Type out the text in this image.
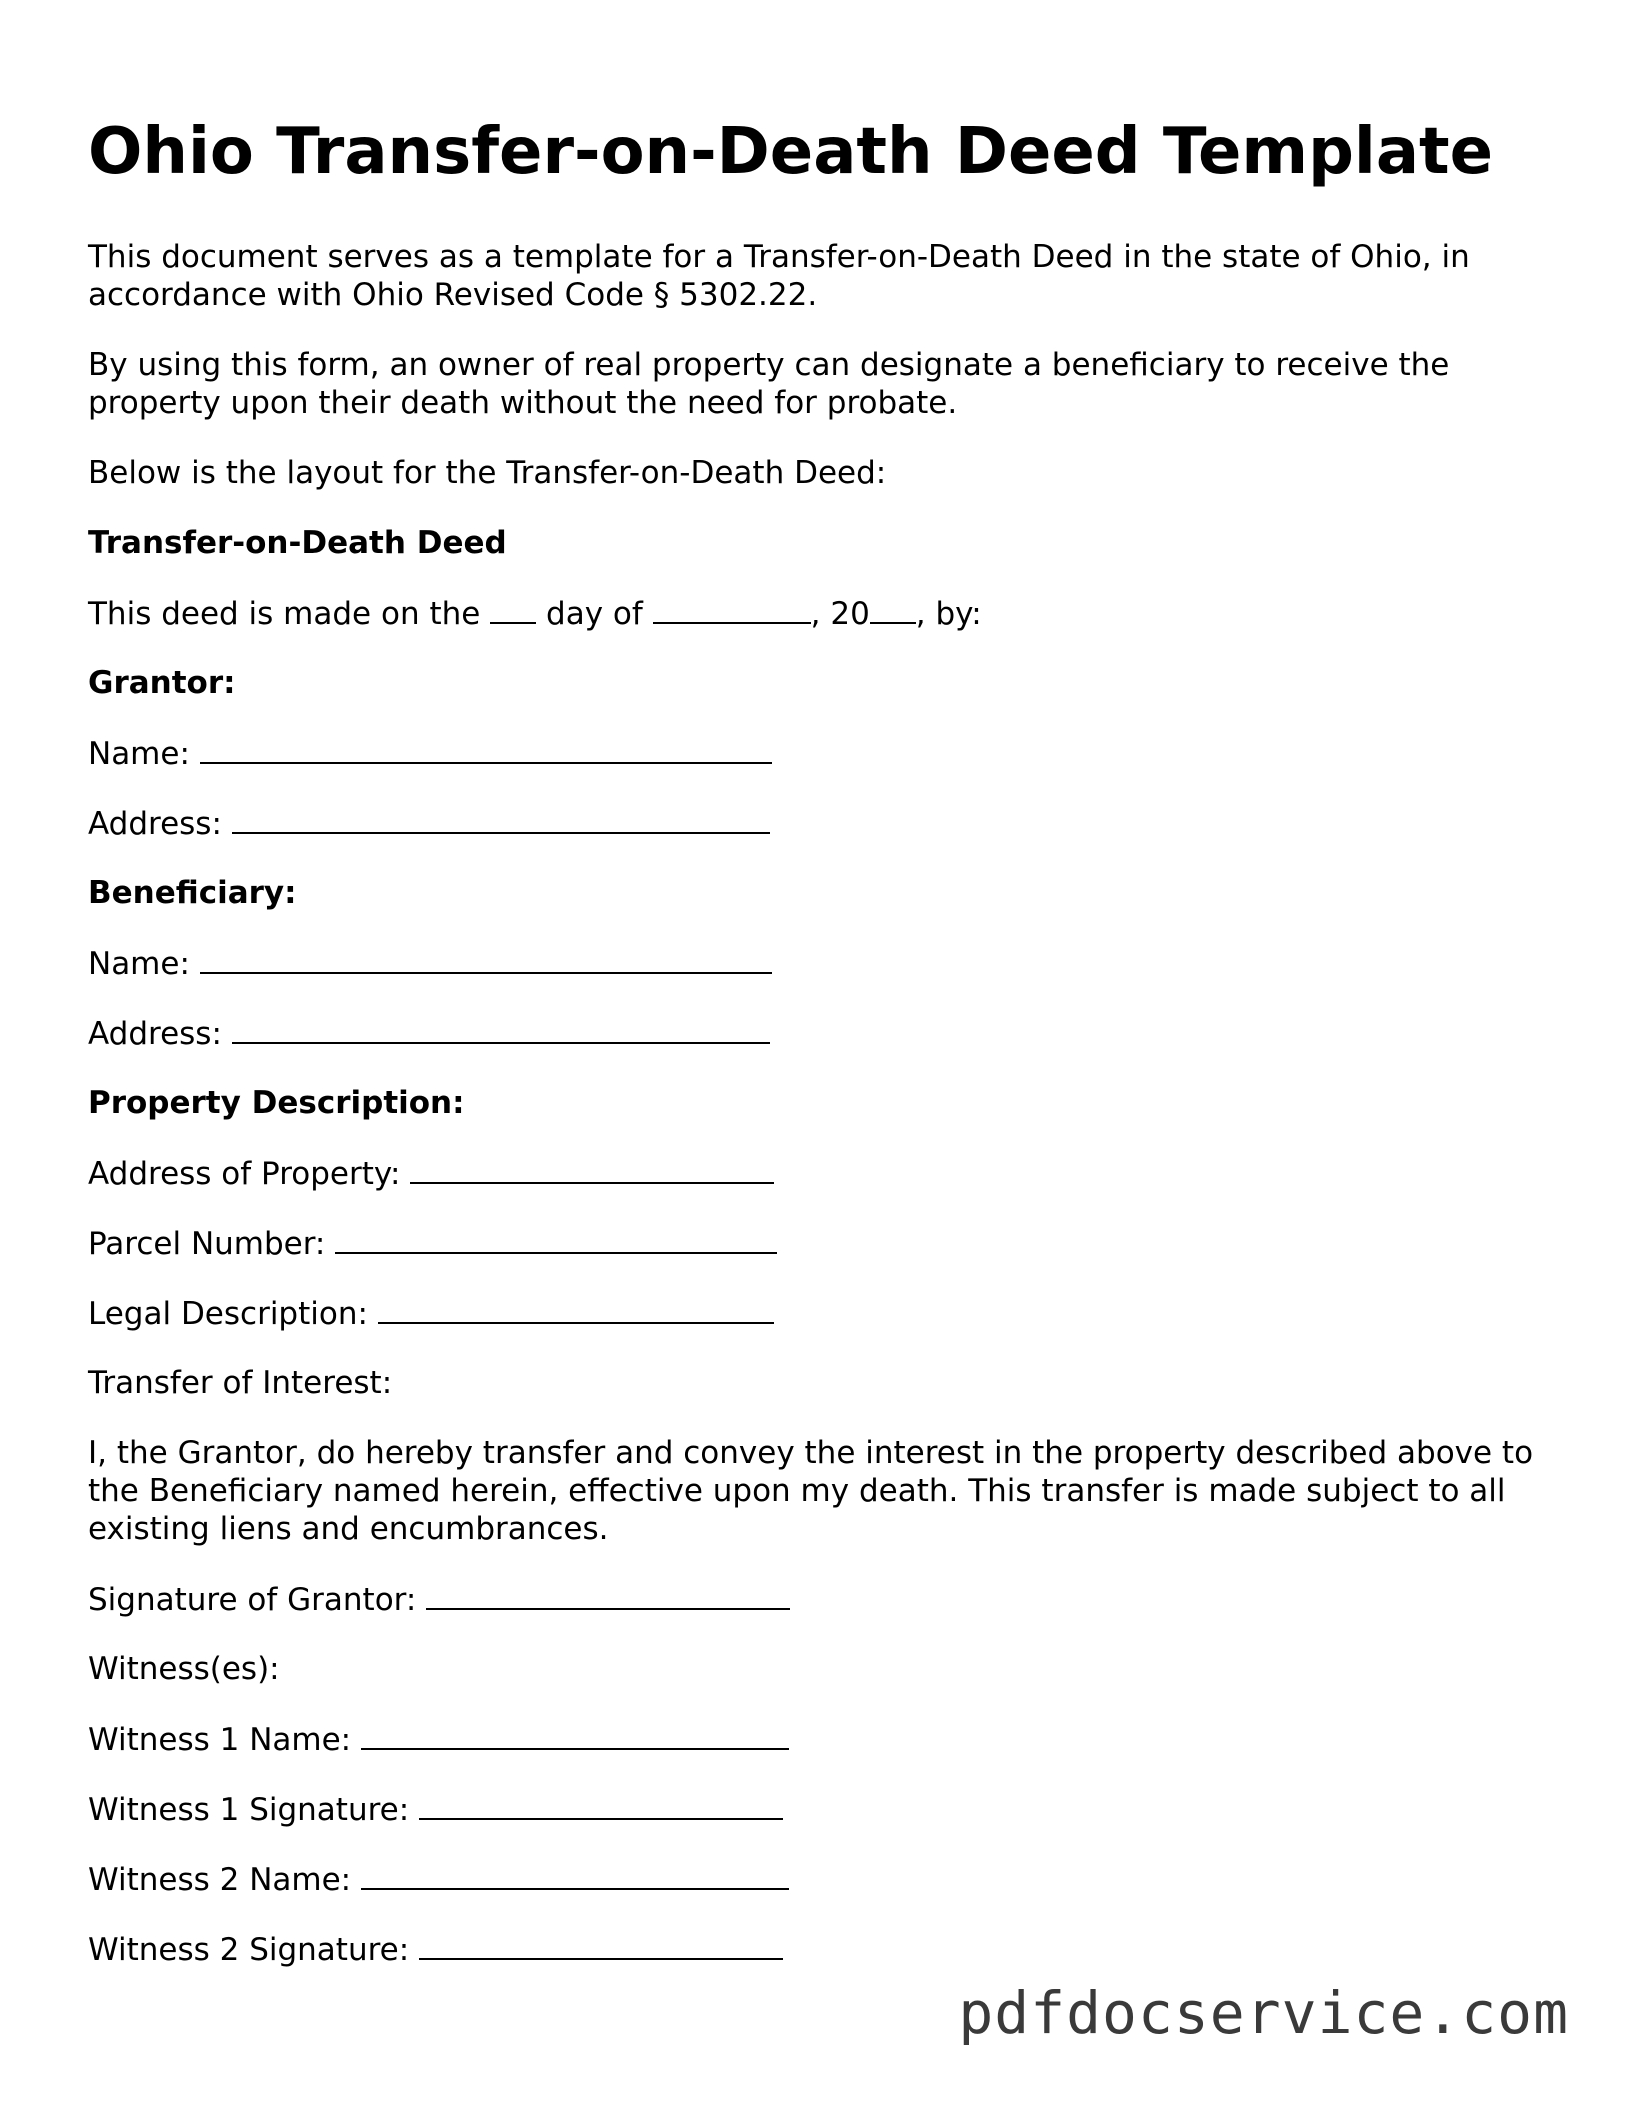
Ohio Transfer-on-Death Deed Template

This document serves as a template for a Transfer-on-Death Deed in the state of Ohio, in accordance with Ohio Revised Code § 5302.22.

By using this form, an owner of real property can designate a beneficiary to receive the property upon their death without the need for probate.

Below is the layout for the Transfer-on-Death Deed:

Transfer-on-Death Deed
This deed is made on the  day of	, 20 , by:
Grantor:
Name:
Address:
Beneficiary:
Name:
Address:
Property Description:
Address of Property:
Parcel Number:
Legal Description:
Transfer of Interest:

I, the Grantor, do hereby transfer and convey the interest in the property described above to the Beneficiary named herein, effective upon my death. This transfer is made subject to all existing liens and encumbrances.

Signature of Grantor:
Witness(es):
Witness 1 Name:
Witness 1 Signature:
Witness 2 Name:
Witness 2 Signature:
pdfdocservice.com
